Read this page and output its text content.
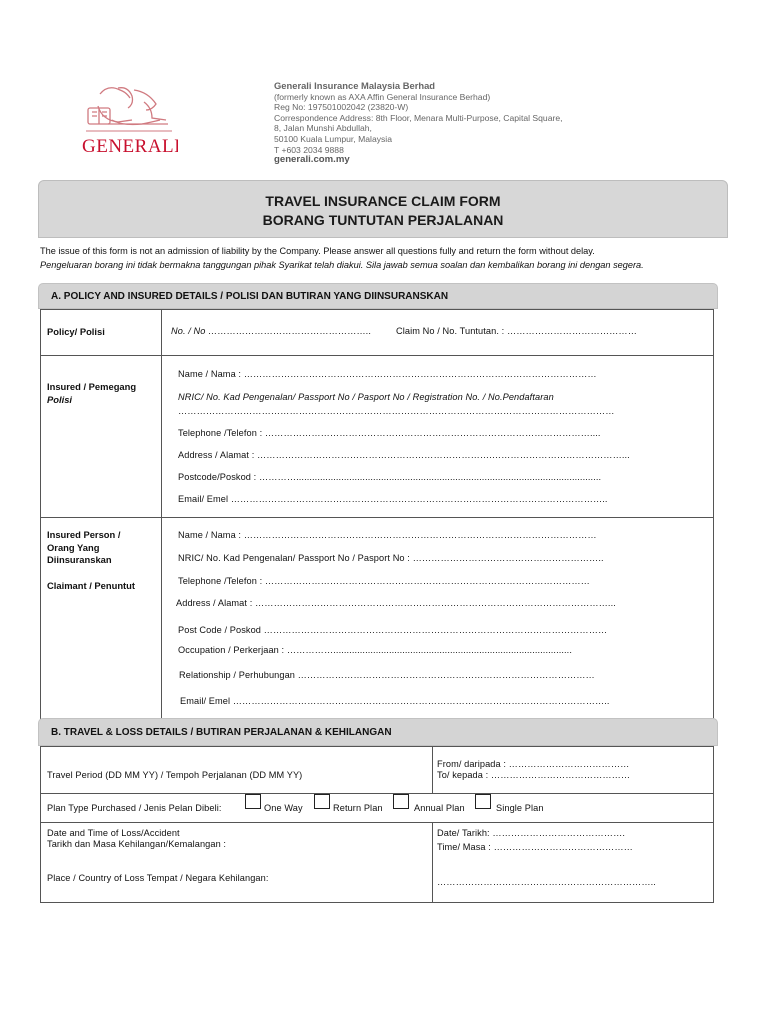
GENERALI
Generali Insurance Malaysia Berhad
(formerly known as AXA Affin General Insurance Berhad)
Reg No: 197501002042 (23820-W)
Correspondence Address: 8th Floor, Menara Multi-Purpose, Capital Square,
8, Jalan Munshi Abdullah,
50100 Kuala Lumpur, Malaysia
T +603 2034 9888
generali.com.my
TRAVEL INSURANCE CLAIM FORM
BORANG TUNTUTAN PERJALANAN
The issue of this form is not an admission of liability by the Company. Please answer all questions fully and return the form without delay.
Pengeluaran borang ini tidak bermakna tanggungan pihak Syarikat telah diakui. Sila jawab semua soalan dan kembalikan borang ini dengan segera.
A. POLICY AND INSURED DETAILS / POLISI DAN BUTIRAN YANG DIINSURANSKAN
Policy/ Polisi	No. / No ……………………………………………..	Claim No / No. Tuntutan. : ……………………………………
Insured / Pemegang
Polisi
Name / Nama : ……………………………………………………………………………………………………
NRIC/ No. Kad Pengenalan/ Passport No / Pasport No / Registration No. / No.Pendaftaran
……………………………………………………………………………………………………………………………
Telephone /Telefon : ……………………………………………………………………………………………....
Address / Alamat : ………………………………………………………………….……………………………………...
Postcode/Poskod : …………...................................................................................................................
Email/ Emel …………………………………………………………………………………………………………..
Insured Person /
Orang Yang
Diinsuranskan
Claimant / Penuntut
Name / Nama : ……………………………………………………………………………………………………
NRIC/ No. Kad Pengenalan/ Passport No / Pasport No : ……………………………………………………..
Telephone /Telefon : ……………………………………………………………………………………………
Address / Alamat : ……………………………………………………………………………………………………...
Post Code / Poskod …………………………………………………………………………………………………
Occupation / Perkerjaan : ……………..........................................................................................
Relationship / Perhubungan ……………………………………………………………………………………
Email/ Emel …………………………………………………………………………………………………………..
B. TRAVEL & LOSS DETAILS / BUTIRAN PERJALANAN & KEHILANGAN
Travel Period (DD MM YY) / Tempoh Perjalanan (DD MM YY)
From/ daripada : …………………………………
To/ kepada : ………………………………………
Plan Type Purchased / Jenis Pelan Dibeli:	One Way	Return Plan	Annual Plan	Single Plan
Date and Time of Loss/Accident
Tarikh dan Masa Kehilangan/Kemalangan :
Date/ Tarikh: …………………………………….
Time/ Masa : ………………………………………
Place / Country of Loss Tempat / Negara Kehilangan:	……………………………………………………………..
